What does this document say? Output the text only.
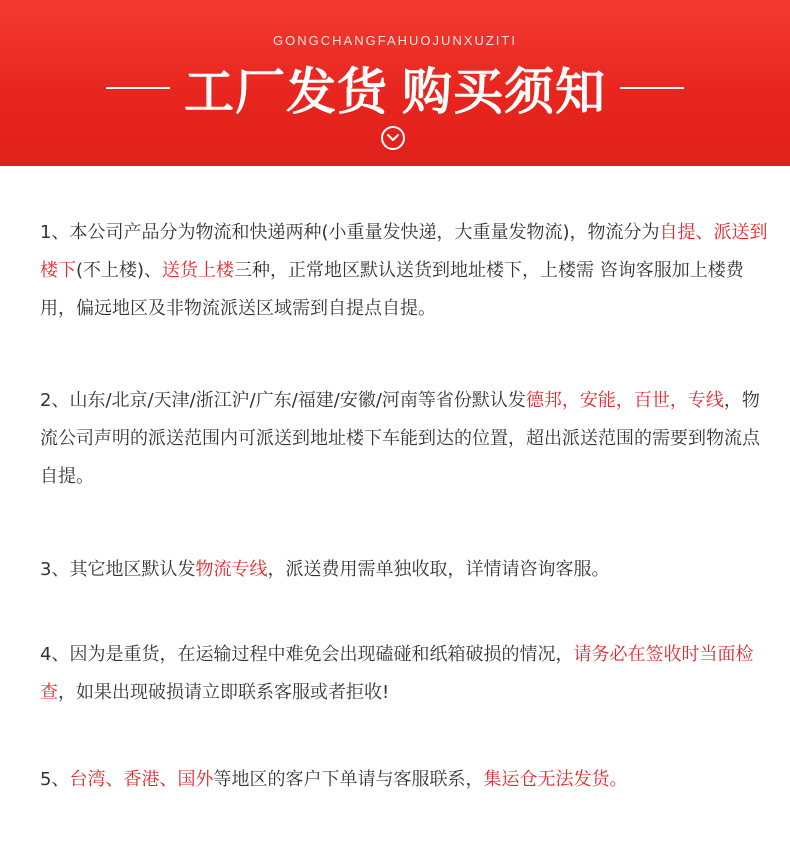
GONGCHANGFAHUOJUNXUZITI
工厂发货 购买须知
1、本公司产品分为物流和快递两种(小重量发快递，大重量发物流)，物流分为自提、派送到楼下(不上楼)、送货上楼三种，正常地区默认送货到地址楼下，上楼需 咨询客服加上楼费用，偏远地区及非物流派送区域需到自提点自提。
2、山东/北京/天津/浙江沪/广东/福建/安徽/河南等省份默认发德邦，安能，百世，专线，物流公司声明的派送范围内可派送到地址楼下车能到达的位置，超出派送范围的需要到物流点自提。
3、其它地区默认发物流专线，派送费用需单独收取，详情请咨询客服。
4、因为是重货，在运输过程中难免会出现磕碰和纸箱破损的情况，请务必在签收时当面检查，如果出现破损请立即联系客服或者拒收!
5、台湾、香港、国外等地区的客户下单请与客服联系，集运仓无法发货。
